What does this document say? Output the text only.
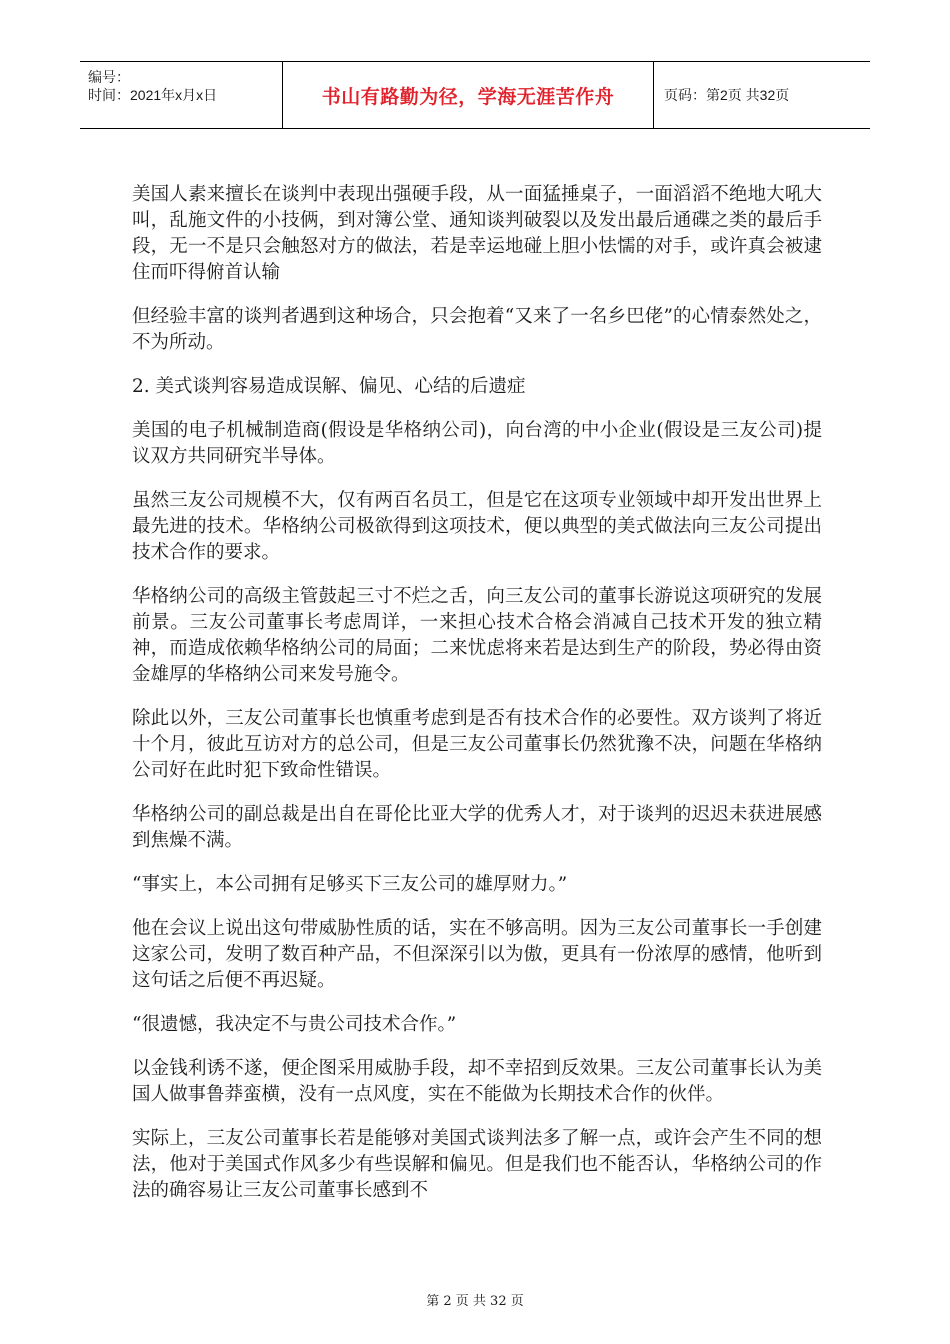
编号：
时间：2021年x月x日	书山有路勤为径，学海无涯苦作舟	页码：第2页 共32页

美国人素来擅长在谈判中表现出强硬手段，从一面猛捶桌子，一面滔滔不绝地大吼大叫，乱施文件的小技俩，到对簿公堂、通知谈判破裂以及发出最后通碟之类的最后手段，无一不是只会触怒对方的做法，若是幸运地碰上胆小怯懦的对手，或许真会被逮住而吓得俯首认输

但经验丰富的谈判者遇到这种场合，只会抱着“又来了一名乡巴佬”的心情泰然处之，不为所动。

2. 美式谈判容易造成误解、偏见、心结的后遗症

美国的电子机械制造商(假设是华格纳公司)，向台湾的中小企业(假设是三友公司)提议双方共同研究半导体。

虽然三友公司规模不大，仅有两百名员工，但是它在这项专业领域中却开发出世界上最先进的技术。华格纳公司极欲得到这项技术，便以典型的美式做法向三友公司提出技术合作的要求。

华格纳公司的高级主管鼓起三寸不烂之舌，向三友公司的董事长游说这项研究的发展前景。三友公司董事长考虑周详，一来担心技术合格会消减自己技术开发的独立精神，而造成依赖华格纳公司的局面；二来忧虑将来若是达到生产的阶段，势必得由资金雄厚的华格纳公司来发号施令。

除此以外，三友公司董事长也慎重考虑到是否有技术合作的必要性。双方谈判了将近十个月，彼此互访对方的总公司，但是三友公司董事长仍然犹豫不决，问题在华格纳公司好在此时犯下致命性错误。

华格纳公司的副总裁是出自在哥伦比亚大学的优秀人才，对于谈判的迟迟未获进展感到焦燥不满。

“事实上，本公司拥有足够买下三友公司的雄厚财力。”

他在会议上说出这句带威胁性质的话，实在不够高明。因为三友公司董事长一手创建这家公司，发明了数百种产品，不但深深引以为傲，更具有一份浓厚的感情，他听到这句话之后便不再迟疑。

“很遗憾，我决定不与贵公司技术合作。”

以金钱利诱不遂，便企图采用威胁手段，却不幸招到反效果。三友公司董事长认为美国人做事鲁莽蛮横，没有一点风度，实在不能做为长期技术合作的伙伴。

实际上，三友公司董事长若是能够对美国式谈判法多了解一点，或许会产生不同的想法，他对于美国式作风多少有些误解和偏见。但是我们也不能否认，华格纳公司的作法的确容易让三友公司董事长感到不

第 2 页 共 32 页
